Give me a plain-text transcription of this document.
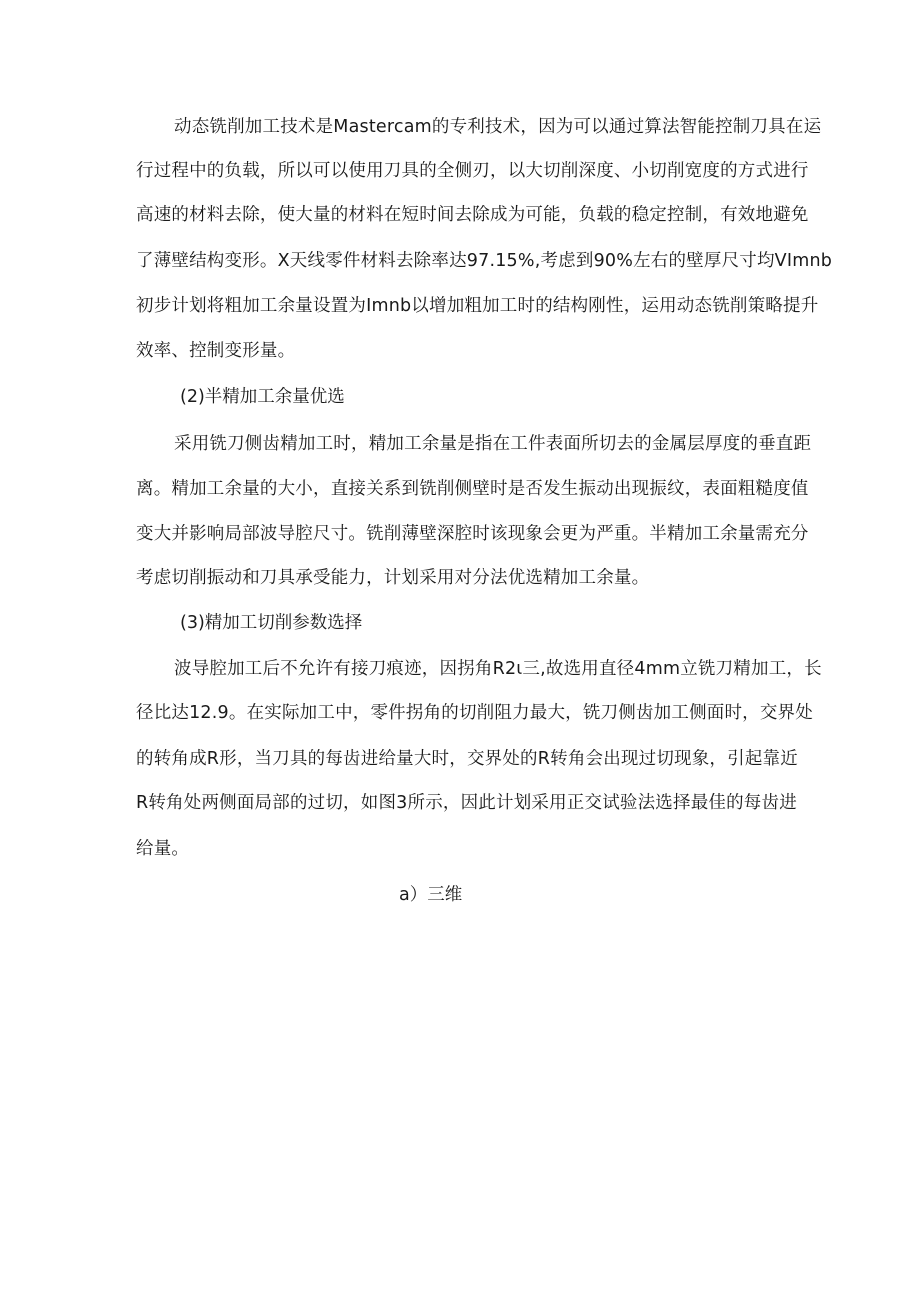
动态铣削加工技术是Mastercam的专利技术，因为可以通过算法智能控制刀具在运
行过程中的负载，所以可以使用刀具的全侧刃，以大切削深度、小切削宽度的方式进行
高速的材料去除，使大量的材料在短时间去除成为可能，负载的稳定控制，有效地避免
了薄壁结构变形。X天线零件材料去除率达97.15%,考虑到90%左右的壁厚尺寸均VImnb
初步计划将粗加工余量设置为Imnb以增加粗加工时的结构刚性，运用动态铣削策略提升
效率、控制变形量。
(2)半精加工余量优选
采用铣刀侧齿精加工时，精加工余量是指在工件表面所切去的金属层厚度的垂直距
离。精加工余量的大小，直接关系到铣削侧壁时是否发生振动出现振纹，表面粗糙度值
变大并影响局部波导腔尺寸。铣削薄壁深腔时该现象会更为严重。半精加工余量需充分
考虑切削振动和刀具承受能力，计划采用对分法优选精加工余量。
(3)精加工切削参数选择
波导腔加工后不允许有接刀痕迹，因拐角R2ι三,故选用直径4mm立铣刀精加工，长
径比达12.9。在实际加工中，零件拐角的切削阻力最大，铣刀侧齿加工侧面时，交界处
的转角成R形，当刀具的每齿进给量大时，交界处的R转角会出现过切现象，引起靠近
R转角处两侧面局部的过切，如图3所示，因此计划采用正交试验法选择最佳的每齿进
给量。
a）三维
